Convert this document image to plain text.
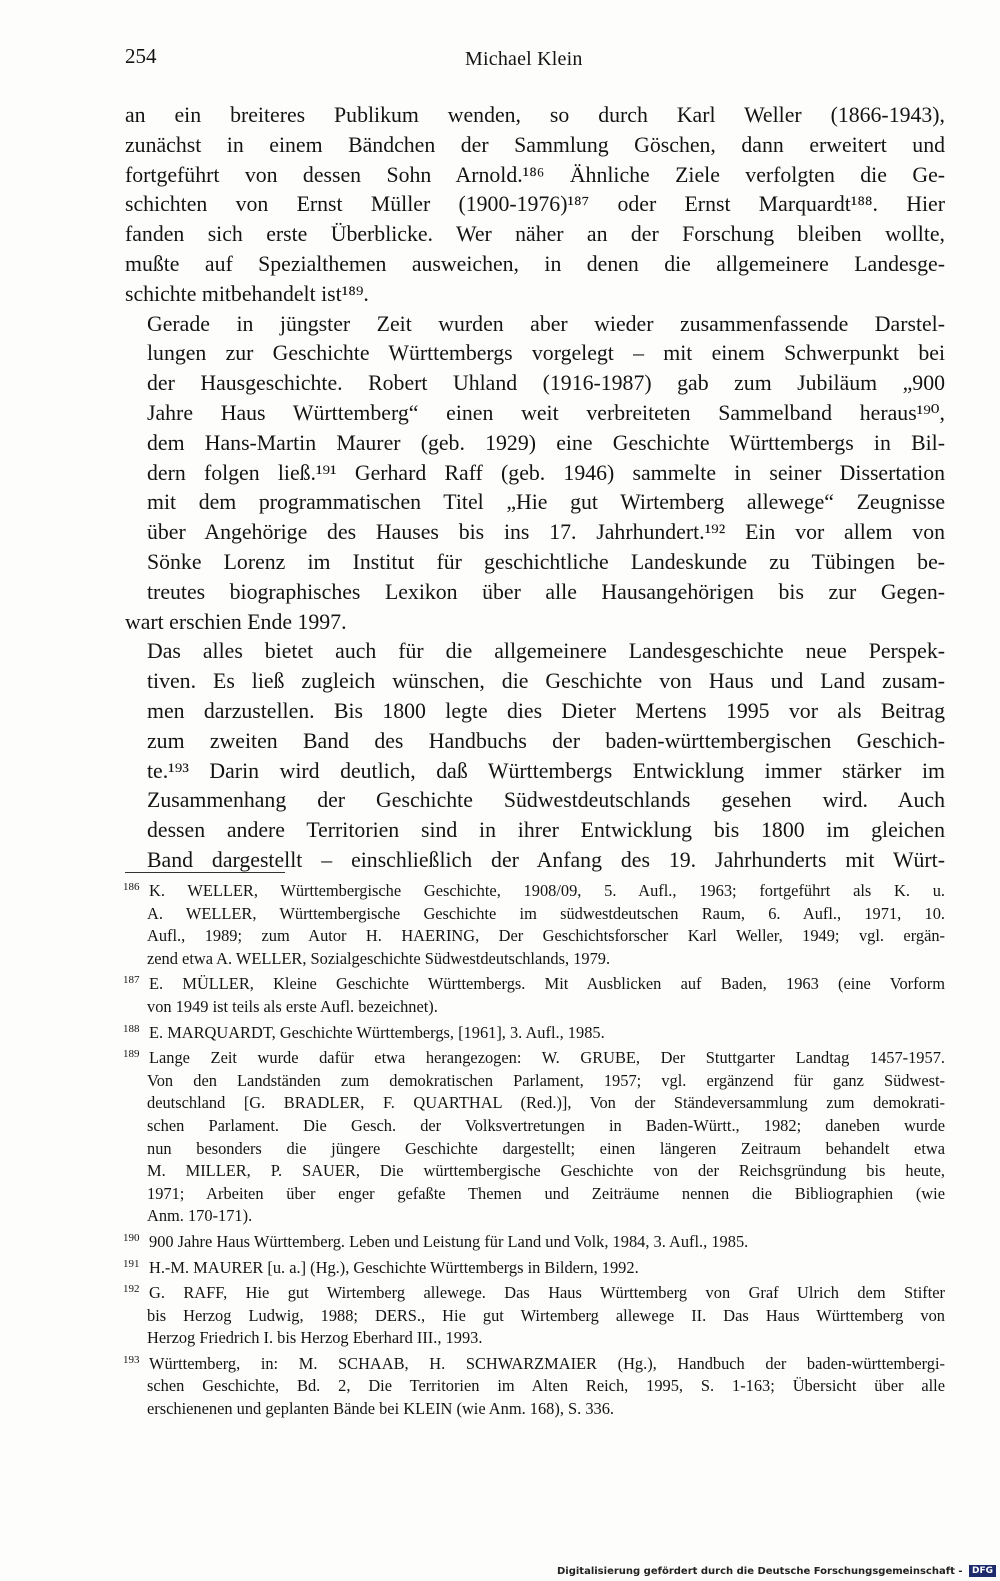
254	Michael Klein

an ein breiteres Publikum wenden, so durch Karl Weller (1866-1943),
zunächst in einem Bändchen der Sammlung Göschen, dann erweitert und
fortgeführt von dessen Sohn Arnold.¹⁸⁶ Ähnliche Ziele verfolgten die Ge-
schichten von Ernst Müller (1900-1976)¹⁸⁷ oder Ernst Marquardt¹⁸⁸. Hier
fanden sich erste Überblicke. Wer näher an der Forschung bleiben wollte,
mußte auf Spezialthemen ausweichen, in denen die allgemeinere Landesge-

schichte mitbehandelt ist¹⁸⁹.

Gerade in jüngster Zeit wurden aber wieder zusammenfassende Darstel-
lungen zur Geschichte Württembergs vorgelegt – mit einem Schwerpunkt bei
der Hausgeschichte. Robert Uhland (1916-1987) gab zum Jubiläum „900
Jahre Haus Württemberg“ einen weit verbreiteten Sammelband heraus¹⁹⁰,
dem Hans-Martin Maurer (geb. 1929) eine Geschichte Württembergs in Bil-
dern folgen ließ.¹⁹¹ Gerhard Raff (geb. 1946) sammelte in seiner Dissertation
mit dem programmatischen Titel „Hie gut Wirtemberg allewege“ Zeugnisse
über Angehörige des Hauses bis ins 17. Jahrhundert.¹⁹² Ein vor allem von
Sönke Lorenz im Institut für geschichtliche Landeskunde zu Tübingen be-
treutes biographisches Lexikon über alle Hausangehörigen bis zur Gegen-

wart erschien Ende 1997.

Das alles bietet auch für die allgemeinere Landesgeschichte neue Perspek-
tiven. Es ließ zugleich wünschen, die Geschichte von Haus und Land zusam-
men darzustellen. Bis 1800 legte dies Dieter Mertens 1995 vor als Beitrag
zum zweiten Band des Handbuchs der baden-württembergischen Geschich-
te.¹⁹³ Darin wird deutlich, daß Württembergs Entwicklung immer stärker im
Zusammenhang der Geschichte Südwestdeutschlands gesehen wird. Auch
dessen andere Territorien sind in ihrer Entwicklung bis 1800 im gleichen
Band dargestellt – einschließlich der Anfang des 19. Jahrhunderts mit Würt-

186 K. WELLER, Württembergische Geschichte, 1908/09, 5. Aufl., 1963; fortgeführt als K. u.
A. WELLER, Württembergische Geschichte im südwestdeutschen Raum, 6. Aufl., 1971, 10.
Aufl., 1989; zum Autor H. HAERING, Der Geschichtsforscher Karl Weller, 1949; vgl. ergän-
zend etwa A. WELLER, Sozialgeschichte Südwestdeutschlands, 1979.
187 E. MÜLLER, Kleine Geschichte Württembergs. Mit Ausblicken auf Baden, 1963 (eine Vorform
von 1949 ist teils als erste Aufl. bezeichnet).
188 E. MARQUARDT, Geschichte Württembergs, [1961], 3. Aufl., 1985.
189 Lange Zeit wurde dafür etwa herangezogen: W. GRUBE, Der Stuttgarter Landtag 1457-1957.
Von den Landständen zum demokratischen Parlament, 1957; vgl. ergänzend für ganz Südwest-
deutschland [G. BRADLER, F. QUARTHAL (Red.)], Von der Ständeversammlung zum demokrati-
schen Parlament. Die Gesch. der Volksvertretungen in Baden-Württ., 1982; daneben wurde
nun besonders die jüngere Geschichte dargestellt; einen längeren Zeitraum behandelt etwa
M. MILLER, P. SAUER, Die württembergische Geschichte von der Reichsgründung bis heute,
1971; Arbeiten über enger gefaßte Themen und Zeiträume nennen die Bibliographien (wie
Anm. 170-171).
190 900 Jahre Haus Württemberg. Leben und Leistung für Land und Volk, 1984, 3. Aufl., 1985.
191 H.-M. MAURER [u. a.] (Hg.), Geschichte Württembergs in Bildern, 1992.
192 G. RAFF, Hie gut Wirtemberg allewege. Das Haus Württemberg von Graf Ulrich dem Stifter
bis Herzog Ludwig, 1988; DERS., Hie gut Wirtemberg allewege II. Das Haus Württemberg von
Herzog Friedrich I. bis Herzog Eberhard III., 1993.
193 Württemberg, in: M. SCHAAB, H. SCHWARZMAIER (Hg.), Handbuch der baden-württembergi-
schen Geschichte, Bd. 2, Die Territorien im Alten Reich, 1995, S. 1-163; Übersicht über alle
erschienenen und geplanten Bände bei KLEIN (wie Anm. 168), S. 336.
Digitalisierung gefördert durch die Deutsche Forschungsgemeinschaft - DFG
